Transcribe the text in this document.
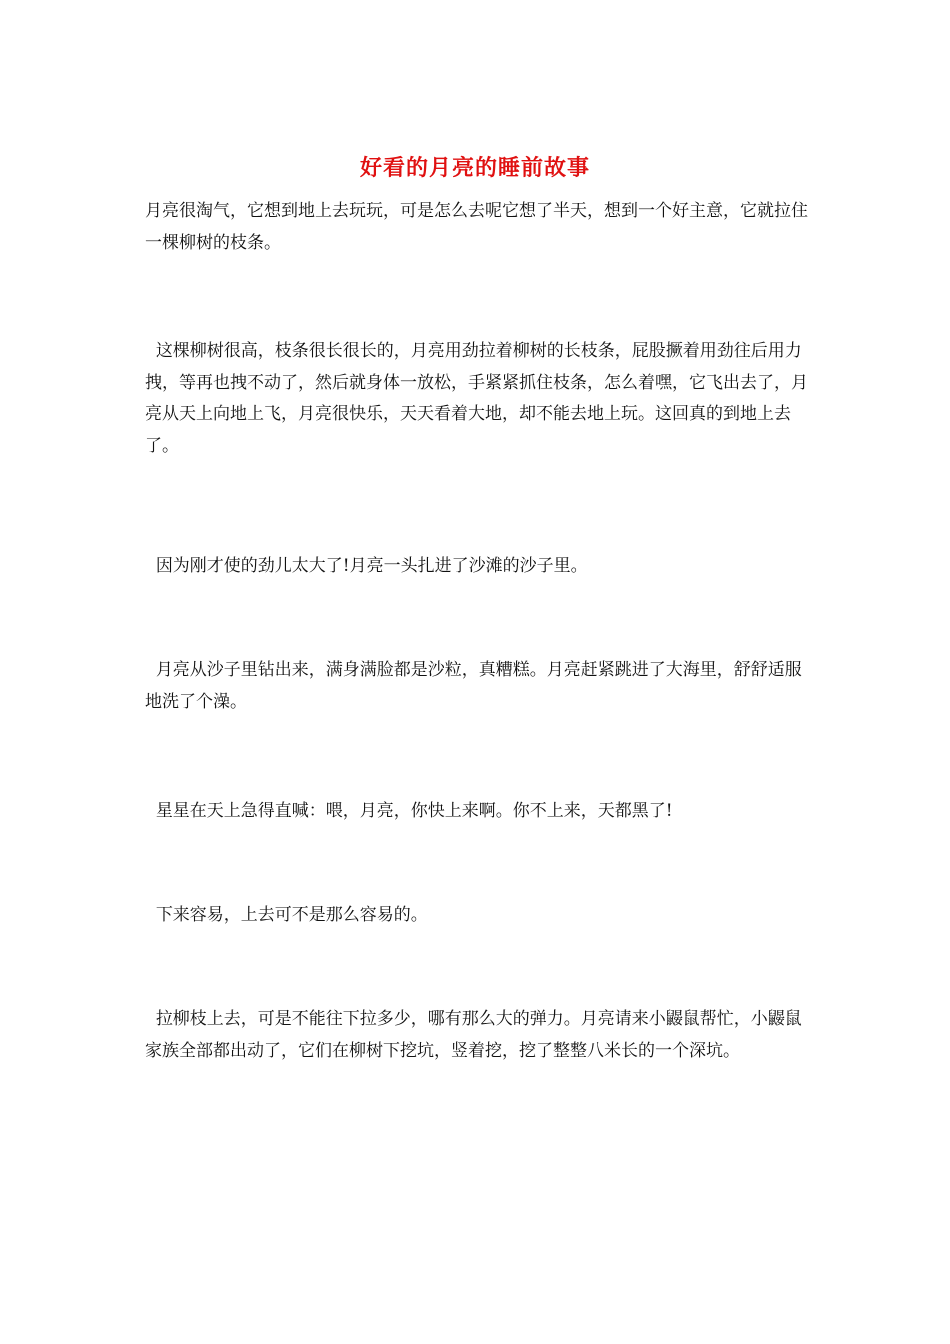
好看的月亮的睡前故事

月亮很淘气，它想到地上去玩玩，可是怎么去呢它想了半天，想到一个好主意，它就拉住一棵柳树的枝条。

这棵柳树很高，枝条很长很长的，月亮用劲拉着柳树的长枝条，屁股撅着用劲往后用力拽，等再也拽不动了，然后就身体一放松，手紧紧抓住枝条，怎么着嘿，它飞出去了，月亮从天上向地上飞，月亮很快乐，天天看着大地，却不能去地上玩。这回真的到地上去了。

因为刚才使的劲儿太大了!月亮一头扎进了沙滩的沙子里。

月亮从沙子里钻出来，满身满脸都是沙粒，真糟糕。月亮赶紧跳进了大海里，舒舒适服地洗了个澡。

星星在天上急得直喊：喂，月亮，你快上来啊。你不上来，天都黑了!

下来容易，上去可不是那么容易的。

拉柳枝上去，可是不能往下拉多少，哪有那么大的弹力。月亮请来小鼹鼠帮忙，小鼹鼠家族全部都出动了，它们在柳树下挖坑，竖着挖，挖了整整八米长的一个深坑。
